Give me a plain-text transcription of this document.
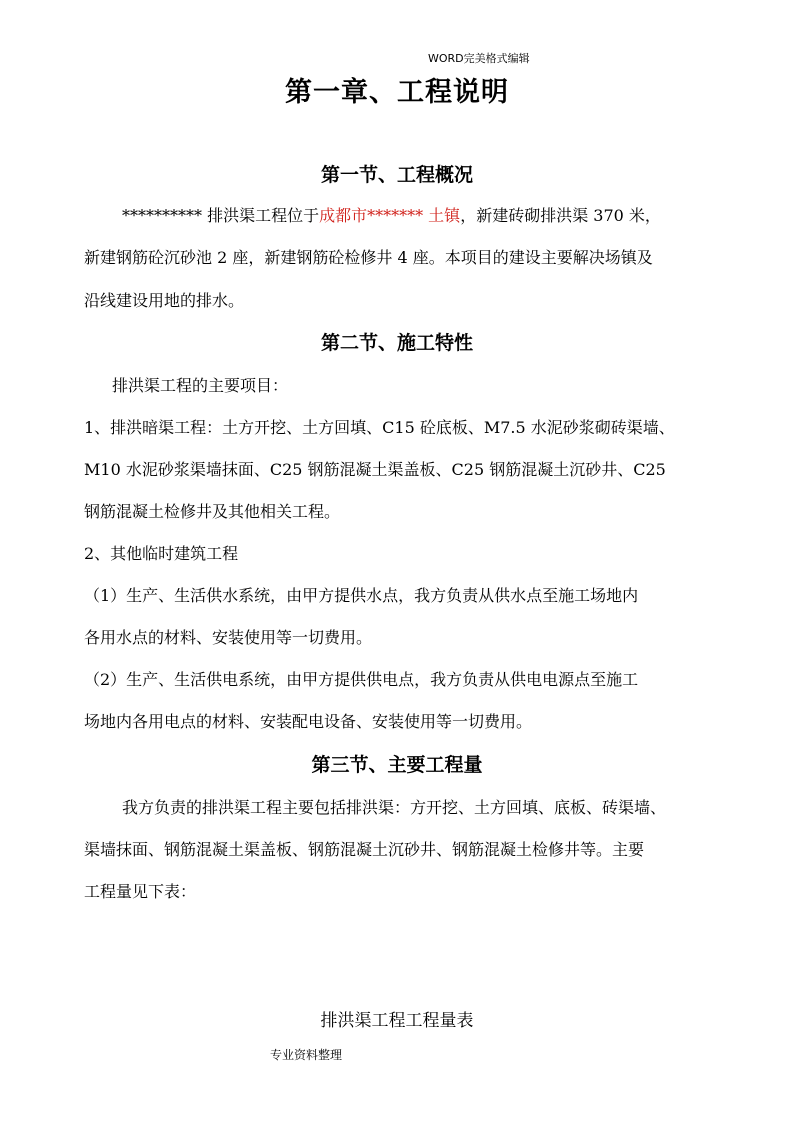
WORD完美格式编辑
第一章、工程说明
第一节、工程概况
********** 排洪渠工程位于成都市******* 土镇，新建砖砌排洪渠 370 米，
新建钢筋砼沉砂池 2 座，新建钢筋砼检修井 4 座。本项目的建设主要解决场镇及
沿线建设用地的排水。
第二节、施工特性
排洪渠工程的主要项目：
1、排洪暗渠工程：土方开挖、土方回填、C15 砼底板、M7.5 水泥砂浆砌砖渠墙、
M10 水泥砂浆渠墙抹面、C25 钢筋混凝土渠盖板、C25 钢筋混凝土沉砂井、C25
钢筋混凝土检修井及其他相关工程。
2、其他临时建筑工程
（1）生产、生活供水系统，由甲方提供水点，我方负责从供水点至施工场地内
各用水点的材料、安装使用等一切费用。
（2）生产、生活供电系统，由甲方提供供电点，我方负责从供电电源点至施工
场地内各用电点的材料、安装配电设备、安装使用等一切费用。
第三节、主要工程量
我方负责的排洪渠工程主要包括排洪渠：方开挖、土方回填、底板、砖渠墙、
渠墙抹面、钢筋混凝土渠盖板、钢筋混凝土沉砂井、钢筋混凝土检修井等。主要
工程量见下表：
排洪渠工程工程量表
专业资料整理
